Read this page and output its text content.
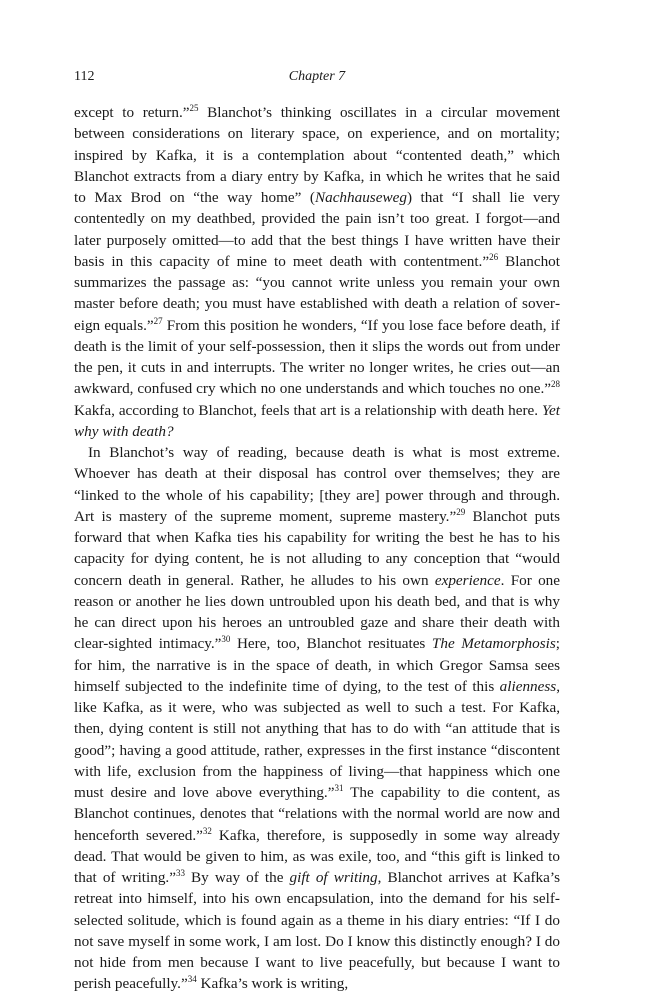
112	Chapter 7

except to return.”$^{25}$ Blanchot’s thinking oscillates in a circular movement between considerations on literary space, on experience, and on mortality; inspired by Kafka, it is a contemplation about “contented death,” which Blanchot extracts from a diary entry by Kafka, in which he writes that he said to Max Brod on “the way home” (Nachhauseweg) that “I shall lie very contentedly on my deathbed, provided the pain isn’t too great. I forgot—and later purposely omitted—to add that the best things I have written have their basis in this capacity of mine to meet death with contentment.”$^{26}$ Blanchot summarizes the passage as: “you cannot write unless you remain your own master before death; you must have established with death a relation of sovereign equals.”$^{27}$ From this position he wonders, “If you lose face before death, if death is the limit of your self-possession, then it slips the words out from under the pen, it cuts in and interrupts. The writer no longer writes, he cries out—an awkward, confused cry which no one understands and which touches no one.”$^{28}$ Kakfa, according to Blanchot, feels that art is a relationship with death here. Yet why with death?

In Blanchot’s way of reading, because death is what is most extreme. Whoever has death at their disposal has control over themselves; they are “linked to the whole of his capability; [they are] power through and through. Art is mastery of the supreme moment, supreme mastery.”$^{29}$ Blanchot puts forward that when Kafka ties his capability for writing the best he has to his capacity for dying content, he is not alluding to any conception that “would concern death in general. Rather, he alludes to his own experience. For one reason or another he lies down untroubled upon his death bed, and that is why he can direct upon his heroes an untroubled gaze and share their death with clear-sighted intimacy.”$^{30}$ Here, too, Blanchot resituates The Metamorphosis; for him, the narrative is in the space of death, in which Gregor Samsa sees himself subjected to the indefinite time of dying, to the test of this alienness, like Kafka, as it were, who was subjected as well to such a test. For Kafka, then, dying content is still not anything that has to do with “an attitude that is good”; having a good attitude, rather, expresses in the first instance “discontent with life, exclusion from the happiness of living—that happiness which one must desire and love above everything.”$^{31}$ The capability to die content, as Blanchot continues, denotes that “relations with the normal world are now and henceforth severed.”$^{32}$ Kafka, therefore, is supposedly in some way already dead. That would be given to him, as was exile, too, and “this gift is linked to that of writing.”$^{33}$ By way of the gift of writing, Blanchot arrives at Kafka’s retreat into himself, into his own encapsulation, into the demand for his self-selected solitude, which is found again as a theme in his diary entries: “If I do not save myself in some work, I am lost. Do I know this distinctly enough? I do not hide from men because I want to live peacefully, but because I want to perish peacefully.”$^{34}$ Kafka’s work is writing,
